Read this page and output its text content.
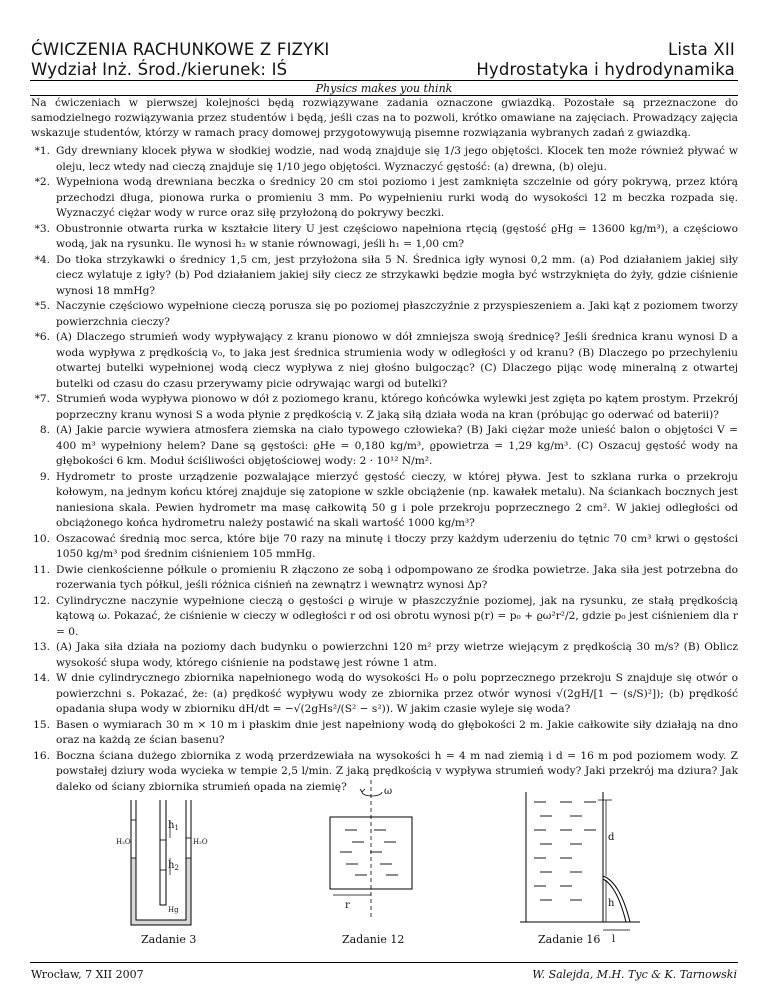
ĆWICZENIA RACHUNKOWE Z FIZYKI
Wydział Inż. Środ./kierunek: IŚ
Lista XII
Hydrostatyka i hydrodynamika
Physics makes you think
Na ćwiczeniach w pierwszej kolejności będą rozwiązywane zadania oznaczone gwiazdką. Pozostałe są przeznaczone do samodzielnego rozwiązywania przez studentów i będą, jeśli czas na to pozwoli, krótko omawiane na zajęciach. Prowadzący zajęcia wskazuje studentów, którzy w ramach pracy domowej przygotowywują pisemne rozwiązania wybranych zadań z gwiazdką.
*1. Gdy drewniany klocek pływa w słodkiej wodzie, nad wodą znajduje się 1/3 jego objętości. Klocek ten może również pływać w oleju, lecz wtedy nad cieczą znajduje się 1/10 jego objętości. Wyznaczyć gęstość: (a) drewna, (b) oleju.
*2. Wypełniona wodą drewniana beczka o średnicy 20 cm stoi poziomo i jest zamknięta szczelnie od góry pokrywą, przez którą przechodzi długa, pionowa rurka o promieniu 3 mm. Po wypełnieniu rurki wodą do wysokości 12 m beczka rozpada się. Wyznaczyć ciężar wody w rurce oraz siłę przyłożoną do pokrywy beczki.
*3. Obustronnie otwarta rurka w kształcie litery U jest częściowo napełniona rtęcią (gęstość ϱHg = 13600 kg/m³), a częściowo wodą, jak na rysunku. Ile wynosi h₂ w stanie równowagi, jeśli h₁ = 1,00 cm?
*4. Do tłoka strzykawki o średnicy 1,5 cm, jest przyłożona siła 5 N. Średnica igły wynosi 0,2 mm. (a) Pod działaniem jakiej siły ciecz wylatuje z igły? (b) Pod działaniem jakiej siły ciecz ze strzykawki będzie mogła być wstrzyknięta do żyły, gdzie ciśnienie wynosi 18 mmHg?
*5. Naczynie częściowo wypełnione cieczą porusza się po poziomej płaszczyźnie z przyspieszeniem a. Jaki kąt z poziomem tworzy powierzchnia cieczy?
*6. (A) Dlaczego strumień wody wypływający z kranu pionowo w dół zmniejsza swoją średnicę? Jeśli średnica kranu wynosi D a woda wypływa z prędkością v₀, to jaka jest średnica strumienia wody w odległości y od kranu? (B) Dlaczego po przechyleniu otwartej butelki wypełnionej wodą ciecz wypływa z niej głośno bulgocząc? (C) Dlaczego pijąc wodę mineralną z otwartej butelki od czasu do czasu przerywamy picie odrywając wargi od butelki?
*7. Strumień woda wypływa pionowo w dół z poziomego kranu, którego końcówka wylewki jest zgięta po kątem prostym. Przekrój poprzeczny kranu wynosi S a woda płynie z prędkością v. Z jaką siłą działa woda na kran (próbując go oderwać od baterii)?
8. (A) Jakie parcie wywiera atmosfera ziemska na ciało typowego człowieka? (B) Jaki ciężar może unieść balon o objętości V = 400 m³ wypełniony helem? Dane są gęstości: ϱHe = 0,180 kg/m³, ϱpowietrza = 1,29 kg/m³. (C) Oszacuj gęstość wody na głębokości 6 km. Moduł ściśliwości objętościowej wody: 2 · 10¹² N/m².
9. Hydrometr to proste urządzenie pozwalające mierzyć gęstość cieczy, w której pływa. Jest to szklana rurka o przekroju kołowym, na jednym końcu której znajduje się zatopione w szkle obciążenie (np. kawałek metalu). Na ściankach bocznych jest naniesiona skala. Pewien hydrometr ma masę całkowitą 50 g i pole przekroju poprzecznego 2 cm². W jakiej odległości od obciążonego końca hydrometru należy postawić na skali wartość 1000 kg/m³?
10. Oszacować średnią moc serca, które bije 70 razy na minutę i tłoczy przy każdym uderzeniu do tętnic 70 cm³ krwi o gęstości 1050 kg/m³ pod średnim ciśnieniem 105 mmHg.
11. Dwie cienkościenne półkule o promieniu R złączono ze sobą i odpompowano ze środka powietrze. Jaka siła jest potrzebna do rozerwania tych półkul, jeśli różnica ciśnień na zewnątrz i wewnątrz wynosi Δp?
12. Cylindryczne naczynie wypełnione cieczą o gęstości ϱ wiruje w płaszczyźnie poziomej, jak na rysunku, ze stałą prędkością kątową ω. Pokazać, że ciśnienie w cieczy w odległości r od osi obrotu wynosi p(r) = p₀ + ϱω²r²/2, gdzie p₀ jest ciśnieniem dla r = 0.
13. (A) Jaka siła działa na poziomy dach budynku o powierzchni 120 m² przy wietrze wiejącym z prędkością 30 m/s? (B) Oblicz wysokość słupa wody, którego ciśnienie na podstawę jest równe 1 atm.
14. W dnie cylindrycznego zbiornika napełnionego wodą do wysokości H₀ o polu poprzecznego przekroju S znajduje się otwór o powierzchni s. Pokazać, że: (a) prędkość wypływu wody ze zbiornika przez otwór wynosi √(2gH/[1 − (s/S)²]); (b) prędkość opadania słupa wody w zbiorniku dH/dt = −√(2gHs²/(S² − s²)). W jakim czasie wyleje się woda?
15. Basen o wymiarach 30 m × 10 m i płaskim dnie jest napełniony wodą do głębokości 2 m. Jakie całkowite siły działają na dno oraz na każdą ze ścian basenu?
16. Boczna ściana dużego zbiornika z wodą przerdzewiała na wysokości h = 4 m nad ziemią i d = 16 m pod poziomem wody. Z powstałej dziury woda wycieka w tempie 2,5 l/min. Z jaką prędkością v wypływa strumień wody? Jaki przekrój ma dziura? Jak daleko od ściany zbiornika strumień opada na ziemię?
$h_1$
$h_2$
H₂O	H₂O
Hg
ω
r
d
h
l
Zadanie 3	Zadanie 12	Zadanie 16
Wrocław, 7 XII 2007	W. Salejda, M.H. Tyc & K. Tarnowski
